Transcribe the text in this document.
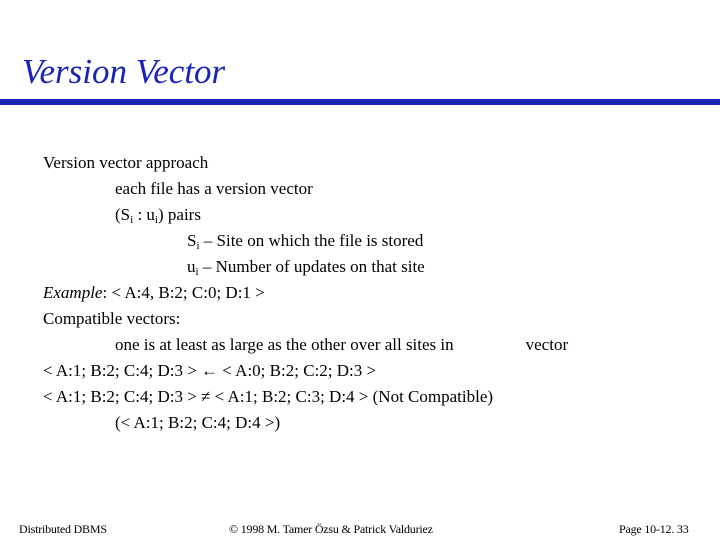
Version Vector
Version vector approach
each file has a version vector
($S_i$ : $u_i$) pairs
$S_i$ – Site on which the file is stored
$u_i$ – Number of updates on that site
Example: < A:4, B:2; C:0; D:1 >
Compatible vectors:
one is at least as large as the other over all sites in	vector
< A:1; B:2; C:4; D:3 > ← < A:0; B:2; C:2; D:3 >
< A:1; B:2; C:4; D:3 > ≠ < A:1; B:2; C:3; D:4 > (Not Compatible)
(< A:1; B:2; C:4; D:4 >)
Distributed DBMS	© 1998 M. Tamer Özsu & Patrick Valduriez	Page 10-12. 33
